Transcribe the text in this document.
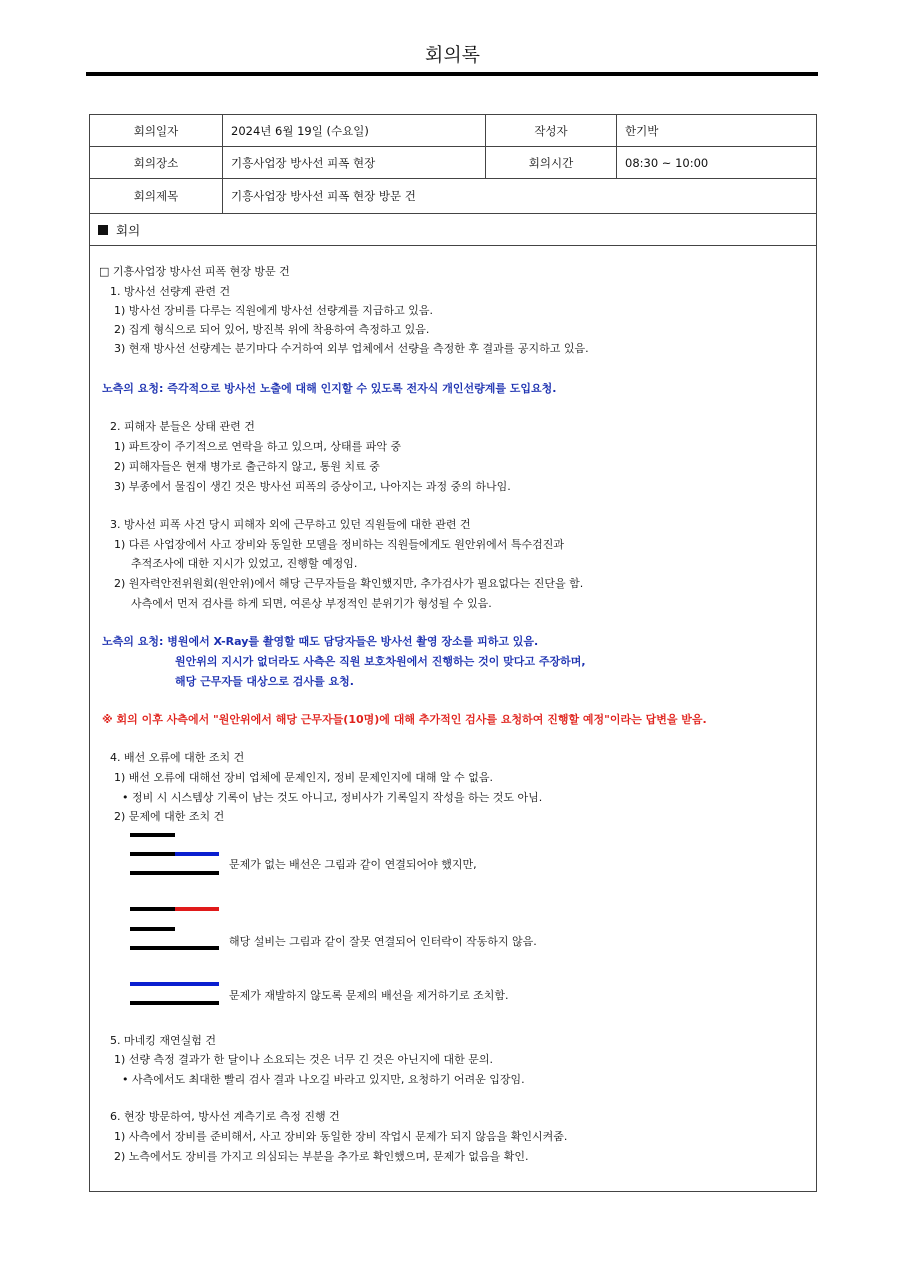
회의록
회의일자	2024년 6월 19일 (수요일)	작성자	한기박
회의장소	기흥사업장 방사선 피폭 현장	회의시간	08:30 ~ 10:00
회의제목	기흥사업장 방사선 피폭 현장 방문 건
회의
□ 기흥사업장 방사선 피폭 현장 방문 건
1. 방사선 선량계 관련 건
1) 방사선 장비를 다루는 직원에게 방사선 선량계를 지급하고 있음.
2) 집게 형식으로 되어 있어, 방진복 위에 착용하여 측정하고 있음.
3) 현재 방사선 선량계는 분기마다 수거하여 외부 업체에서 선량을 측정한 후 결과를 공지하고 있음.
노측의 요청: 즉각적으로 방사선 노출에 대해 인지할 수 있도록 전자식 개인선량계를 도입요청.
2. 피해자 분들은 상태 관련 건
1) 파트장이 주기적으로 연락을 하고 있으며, 상태를 파악 중
2) 피해자들은 현재 병가로 출근하지 않고, 통원 치료 중
3) 부종에서 물집이 생긴 것은 방사선 피폭의 증상이고, 나아지는 과정 중의 하나임.
3. 방사선 피폭 사건 당시 피해자 외에 근무하고 있던 직원들에 대한 관련 건
1) 다른 사업장에서 사고 장비와 동일한 모델을 정비하는 직원들에게도 원안위에서 특수검진과
추적조사에 대한 지시가 있었고, 진행할 예정임.
2) 원자력안전위원회(원안위)에서 해당 근무자들을 확인했지만, 추가검사가 필요없다는 진단을 함.
사측에서 먼저 검사를 하게 되면, 여론상 부정적인 분위기가 형성될 수 있음.
노측의 요청: 병원에서 X-Ray를 촬영할 때도 담당자들은 방사선 촬영 장소를 피하고 있음.
원안위의 지시가 없더라도 사측은 직원 보호차원에서 진행하는 것이 맞다고 주장하며,
해당 근무자들 대상으로 검사를 요청.
※ 회의 이후 사측에서 "원안위에서 해당 근무자들(10명)에 대해 추가적인 검사를 요청하여 진행할 예정"이라는 답변을 받음.
4. 배선 오류에 대한 조치 건
1) 배선 오류에 대해선 장비 업체에 문제인지, 정비 문제인지에 대해 알 수 없음.
• 정비 시 시스템상 기록이 남는 것도 아니고, 정비사가 기록일지 작성을 하는 것도 아님.
2) 문제에 대한 조치 건
문제가 없는 배선은 그림과 같이 연결되어야 했지만,
해당 설비는 그림과 같이 잘못 연결되어 인터락이 작동하지 않음.
문제가 재발하지 않도록 문제의 배선을 제거하기로 조치함.
5. 마네킹 재연실험 건
1) 선량 측정 결과가 한 달이나 소요되는 것은 너무 긴 것은 아닌지에 대한 문의.
• 사측에서도 최대한 빨리 검사 결과 나오길 바라고 있지만, 요청하기 어려운 입장임.
6. 현장 방문하여, 방사선 계측기로 측정 진행 건
1) 사측에서 장비를 준비해서, 사고 장비와 동일한 장비 작업시 문제가 되지 않음을 확인시켜줌.
2) 노측에서도 장비를 가지고 의심되는 부분을 추가로 확인했으며, 문제가 없음을 확인.
